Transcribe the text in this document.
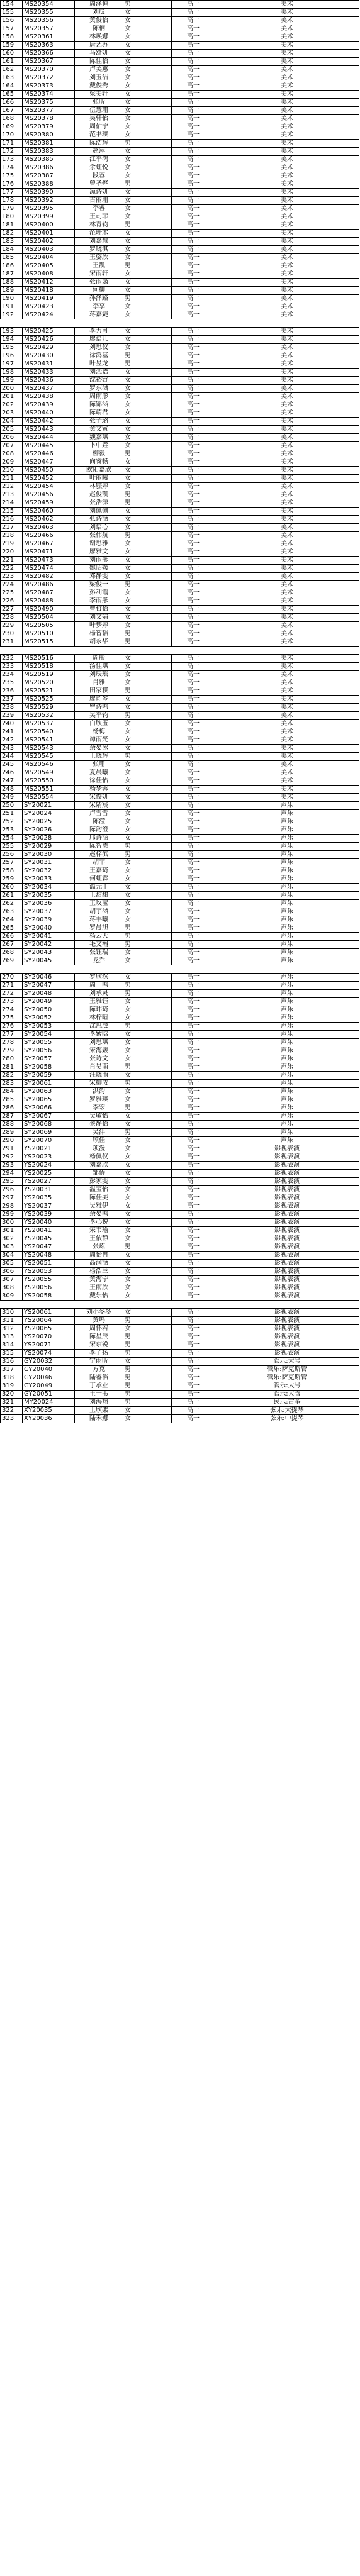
154	MS20354	周泽恒	男	高一	美术
155	MS20355	刘辰	女	高一	美术
156	MS20356	黄俊怡	女	高一	美术
157	MS20357	陈楠	女	高一	美术
158	MS20361	林焕娜	女	高一	美术
159	MS20363	唐艺苏	女	高一	美术
160	MS20366	马舒妍	女	高一	美术
161	MS20367	陈佳怡	女	高一	美术
162	MS20370	卢美惠	女	高一	美术
163	MS20372	刘玉洁	女	高一	美术
164	MS20373	戴俊秀	女	高一	美术
165	MS20374	梁美轩	女	高一	美术
166	MS20375	张昕	女	高一	美术
167	MS20377	伍慧珊	女	高一	美术
168	MS20378	吴轩怡	女	高一	美术
169	MS20379	周佑宁	女	高一	美术
170	MS20380	范书琪	女	高一	美术
171	MS20381	陈浩辉	男	高一	美术
172	MS20383	赵萍	女	高一	美术
173	MS20385	江平鸿	女	高一	美术
174	MS20386	余虹悦	女	高一	美术
175	MS20387	段蓉	女	高一	美术
176	MS20388	曾圣烨	男	高一	美术
177	MS20390	凉诗妍	女	高一	美术
178	MS20392	古丽珊	女	高一	美术
179	MS20395	李睿	女	高一	美术
180	MS20399	王司菲	女	高一	美术
181	MS20400	林青钧	男	高一	美术
182	MS20401	范珊木	女	高一	美术
183	MS20402	刘嘉慧	女	高一	美术
184	MS20403	罗晓淇	女	高一	美术
185	MS20404	王姿欣	女	高一	美术
186	MS20405	王凯	男	高一	美术
187	MS20408	宋雨轩	女	高一	美术
188	MS20412	张雨菡	女	高一	美术
189	MS20418	何柳	女	高一	美术
190	MS20419	孙泽路	男	高一	美术
191	MS20423	李享	女	高一	美术
192	MS20424	蒋嘉婕	女	高一	美术

193	MS20425	李力可	女	高一	美术
194	MS20426	廖语儿	女	高一	美术
195	MS20429	刘思仪	女	高一	美术
196	MS20430	徐鸿基	男	高一	美术
197	MS20431	叶昱龙	男	高一	美术
198	MS20433	刘恋语	女	高一	美术
199	MS20436	沈裕容	女	高一	美术
200	MS20437	罗东涵	女	高一	美术
201	MS20438	周雨彤	女	高一	美术
202	MS20439	陈锦涵	女	高一	美术
203	MS20440	陈靖君	女	高一	美术
204	MS20442	张子璐	女	高一	美术
205	MS20443	黄文寅	女	高一	美术
206	MS20444	魏嘉琪	女	高一	美术
207	MS20445	卜中垚	女	高一	美术
208	MS20446	柳毅	男	高一	美术
209	MS20447	向睿畅	女	高一	美术
210	MS20450	欧阳嘉欣	女	高一	美术
211	MS20452	叶丽曦	女	高一	美术
212	MS20454	林毓婷	女	高一	美术
213	MS20456	赵俊凯	男	高一	美术
214	MS20459	张浩源	男	高一	美术
215	MS20460	刘佩佩	女	高一	美术
216	MS20462	张诗涵	女	高一	美术
217	MS20463	刘语心	女	高一	美术
218	MS20466	张伟航	男	高一	美术
219	MS20467	谢思雅	女	高一	美术
220	MS20471	廖雅文	女	高一	美术
221	MS20473	刘雨彤	女	高一	美术
222	MS20474	姚昭媛	女	高一	美术
223	MS20482	邓静雯	女	高一	美术
224	MS20486	梁俊一	男	高一	美术
225	MS20487	彭利霞	女	高一	美术
226	MS20488	李雨彤	女	高一	美术
227	MS20490	曹哲怡	女	高一	美术
228	MS20504	刘文婧	女	高一	美术
229	MS20505	叶梦婷	女	高一	美术
230	MS20510	杨智韬	男	高一	美术
231	MS20515	胡永华	男	高一	美术

232	MS20516	周彤	女	高一	美术
233	MS20518	汤佳琪	女	高一	美术
234	MS20519	刘辰瑶	女	高一	美术
235	MS20520	肖雅	女	高一	美术
236	MS20521	田家棋	男	高一	美术
237	MS20525	廖司琴	女	高一	美术
238	MS20529	曾诗鸣	女	高一	美术
239	MS20532	吴平钧	男	高一	美术
240	MS20537	白欣玉	女	高一	美术
241	MS20540	杨梅	女	高一	美术
242	MS20541	谭雨光	女	高一	美术
243	MS20543	余晏冰	女	高一	美术
244	MS20545	王晓辉	男	高一	美术
245	MS20546	张珊	女	高一	美术
246	MS20549	夏晨曦	女	高一	美术
247	MS20550	徐佳怡	女	高一	美术
248	MS20551	杨梦蓉	女	高一	美术
249	MS20554	宋俊妍	女	高一	美术
250	SY20021	宋婧宸	女	高一	声乐
251	SY20024	卢雪雪	女	高一	声乐
252	SY20025	陈滢	女	高一	声乐
253	SY20026	陈韵澄	女	高一	声乐
254	SY20028	邝诗涵	女	高一	声乐
255	SY20029	陈智勇	男	高一	声乐
256	SY20030	赵梓滨	男	高一	声乐
257	SY20031	胡菲	女	高一	声乐
258	SY20032	王嘉琦	女	高一	声乐
259	SY20033	何虹霖	女	高一	声乐
260	SY20034	温元丁	女	高一	声乐
261	SY20035	王甜甜	女	高一	声乐
262	SY20036	王玫莹	女	高一	声乐
263	SY20037	胡宇涵	女	高一	声乐
264	SY20039	蒋丰曦	女	高一	声乐
265	SY20040	罗晨旭	男	高一	声乐
266	SY20041	杨云天	男	高一	声乐
267	SY20042	毛文瀚	男	高一	声乐
268	SY20043	张钰瑞	女	高一	声乐
269	SY20045	龙乔	女	高一	声乐

270	SY20046	罗欣然	女	高一	声乐
271	SY20047	周一鸣	男	高一	声乐
272	SY20048	刘承灵	男	高一	声乐
273	SY20049	王雅钰	女	高一	声乐
274	SY20050	陈玮琦	女	高一	声乐
275	SY20052	林梓暄	女	高一	声乐
276	SY20053	沈思辰	男	高一	声乐
277	SY20054	李紫晗	女	高一	声乐
278	SY20055	刘思琪	女	高一	声乐
279	SY20056	宋海媛	女	高一	声乐
280	SY20057	张诗文	女	高一	声乐
281	SY20058	肖昊南	男	高一	声乐
282	SY20059	汪晓雨	女	高一	声乐
283	SY20061	宋柳成	男	高一	声乐
284	SY20063	洪韵	女	高一	声乐
285	SY20065	罗雅琪	女	高一	声乐
286	SY20066	李宏	男	高一	声乐
287	SY20067	吴敏怡	女	高一	声乐
288	SY20068	蔡静怡	女	高一	声乐
289	SY20069	吴沣	男	高一	声乐
290	SY20070	顾佳	女	高一	声乐
291	YS20021	项漫	女	高一	影视表演
292	YS20023	杨佩仪	女	高一	影视表演
293	YS20024	刘嘉欣	女	高一	影视表演
294	YS20025	邹侨	女	高一	影视表演
295	YS20027	彭家雯	女	高一	影视表演
296	YS20031	温宝怡	女	高一	影视表演
297	YS20035	陈佳美	女	高一	影视表演
298	YS20037	吴雅伊	女	高一	影视表演
299	YS20039	余晏鸣	女	高一	影视表演
300	YS20040	李心悦	女	高一	影视表演
301	YS20041	宋韦瑜	女	高一	影视表演
302	YS20045	王依静	女	高一	影视表演
303	YS20047	张炼	男	高一	影视表演
304	YS20048	周怡冉	女	高一	影视表演
305	YS20051	高润涵	女	高一	影视表演
306	YS20053	杨浩兰	女	高一	影视表演
307	YS20055	黄海宁	女	高一	影视表演
308	YS20056	王雨欣	女	高一	影视表演
309	YS20058	戴乐怡	女	高一	影视表演

310	YS20061	刘小冬冬	女	高一	影视表演
311	YS20064	黄鸣	男	高一	影视表演
312	YS20065	周怀若	女	高一	影视表演
313	YS20070	陈星辰	男	高一	影视表演
314	YS20071	宋东锐	男	高一	影视表演
315	YS20074	李子扬	男	高一	影视表演
316	GY20032	宁雨昕	女	高一	管乐:大号
317	GY20040	方克	男	高一	管乐:萨克斯管
318	GY20046	陆睿滔	男	高一	管乐:萨克斯管
319	GY20049	丁承业	男	高一	管乐:大号
320	GY20051	王一韦	男	高一	管乐:大管
321	MY20024	刘海翔	男	高一	民乐:古筝
322	XY20035	王欣柔	女	高一	弦乐:大提琴
323	XY20036	陆禾娜	女	高一	弦乐:中提琴
